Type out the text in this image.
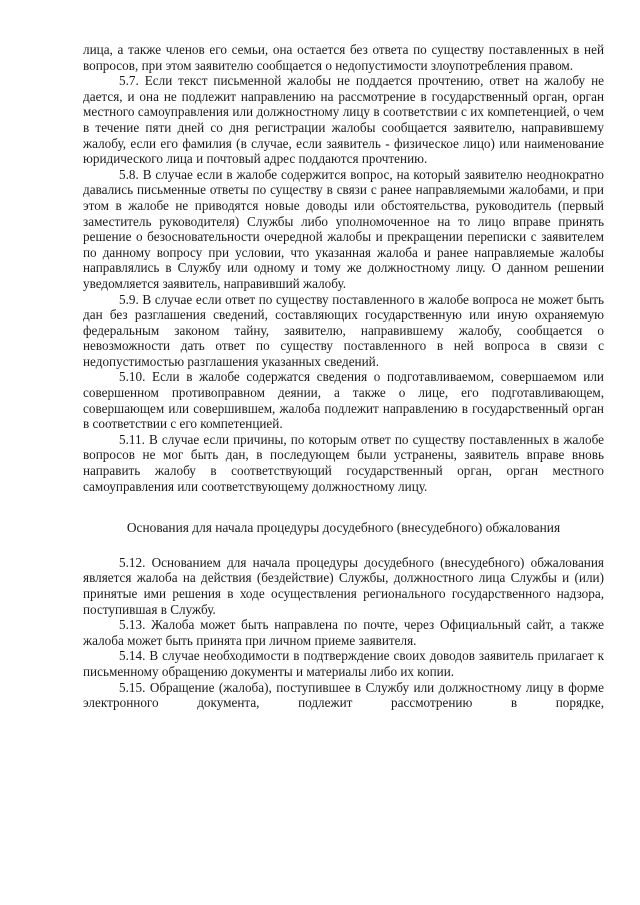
лица, а также членов его семьи, она остается без ответа по существу поставленных в ней вопросов, при этом заявителю сообщается о недопустимости злоупотребления правом.

5.7. Если текст письменной жалобы не поддается прочтению, ответ на жалобу не дается, и она не подлежит направлению на рассмотрение в государственный орган, орган местного самоуправления или должностному лицу в соответствии с их компетенцией, о чем в течение пяти дней со дня регистрации жалобы сообщается заявителю, направившему жалобу, если его фамилия (в случае, если заявитель - физическое лицо) или наименование юридического лица и почтовый адрес поддаются прочтению.

5.8. В случае если в жалобе содержится вопрос, на который заявителю неоднократно давались письменные ответы по существу в связи с ранее направляемыми жалобами, и при этом в жалобе не приводятся новые доводы или обстоятельства, руководитель (первый заместитель руководителя) Службы либо уполномоченное на то лицо вправе принять решение о безосновательности очередной жалобы и прекращении переписки с заявителем по данному вопросу при условии, что указанная жалоба и ранее направляемые жалобы направлялись в Службу или одному и тому же должностному лицу. О данном решении уведомляется заявитель, направивший жалобу.

5.9. В случае если ответ по существу поставленного в жалобе вопроса не может быть дан без разглашения сведений, составляющих государственную или иную охраняемую федеральным законом тайну, заявителю, направившему жалобу, сообщается о невозможности дать ответ по существу поставленного в ней вопроса в связи с недопустимостью разглашения указанных сведений.

5.10. Если в жалобе содержатся сведения о подготавливаемом, совершаемом или совершенном противоправном деянии, а также о лице, его подготавливающем, совершающем или совершившем, жалоба подлежит направлению в государственный орган в соответствии с его компетенцией.

5.11. В случае если причины, по которым ответ по существу поставленных в жалобе вопросов не мог быть дан, в последующем были устранены, заявитель вправе вновь направить жалобу в соответствующий государственный орган, орган местного самоуправления или соответствующему должностному лицу.

Основания для начала процедуры досудебного (внесудебного) обжалования

5.12. Основанием для начала процедуры досудебного (внесудебного) обжалования является жалоба на действия (бездействие) Службы, должностного лица Службы и (или) принятые ими решения в ходе осуществления регионального государственного надзора, поступившая в Службу.

5.13. Жалоба может быть направлена по почте, через Официальный сайт, а также жалоба может быть принята при личном приеме заявителя.

5.14. В случае необходимости в подтверждение своих доводов заявитель прилагает к письменному обращению документы и материалы либо их копии.

5.15. Обращение (жалоба), поступившее в Службу или должностному лицу в форме электронного документа, подлежит рассмотрению в порядке,
